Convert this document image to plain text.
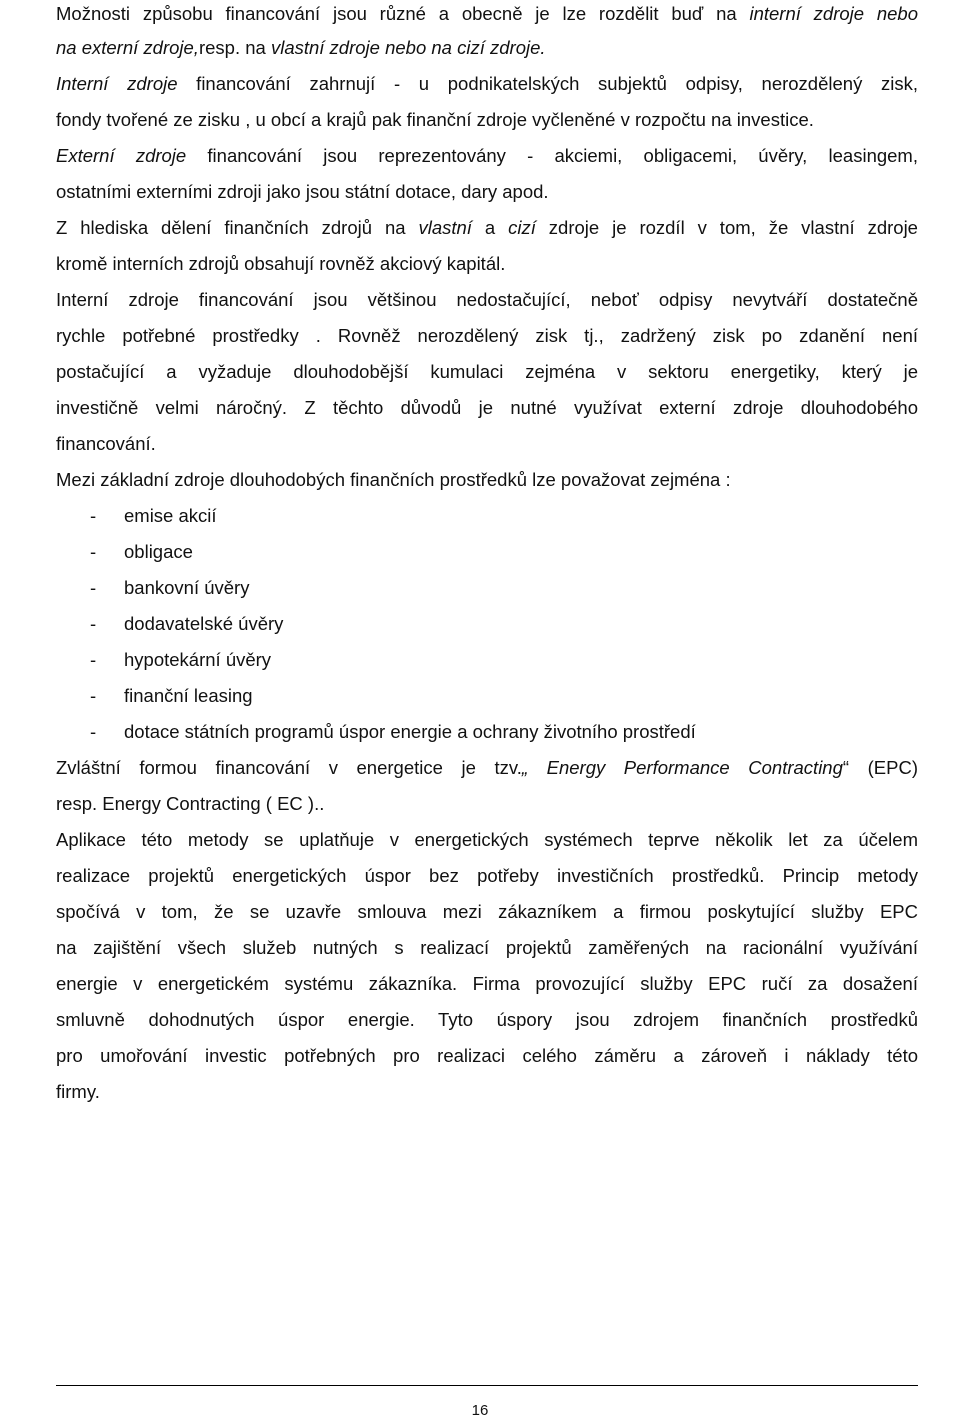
Možnosti způsobu financování jsou různé a obecně je lze rozdělit buď na interní zdroje nebo
na externí zdroje,resp. na vlastní zdroje nebo na cizí zdroje.
Interní zdroje financování zahrnují - u podnikatelských subjektů odpisy, nerozdělený zisk,
fondy tvořené ze zisku , u obcí a krajů pak finanční zdroje vyčleněné v rozpočtu na investice.
Externí zdroje financování jsou reprezentovány - akciemi, obligacemi, úvěry, leasingem,
ostatními externími zdroji jako jsou státní dotace, dary apod.
Z hlediska dělení finančních zdrojů na vlastní a cizí zdroje je rozdíl v tom, že vlastní zdroje
kromě interních zdrojů obsahují rovněž akciový kapitál.
Interní zdroje financování jsou většinou nedostačující, neboť odpisy nevytváří dostatečně
rychle potřebné prostředky . Rovněž nerozdělený zisk tj., zadržený zisk po zdanění není
postačující a vyžaduje dlouhodobější kumulaci zejména v sektoru energetiky, který je
investičně velmi náročný. Z těchto důvodů je nutné využívat externí zdroje dlouhodobého
financování.
Mezi základní zdroje dlouhodobých finančních prostředků lze považovat zejména :
- emise akcií
- obligace
- bankovní úvěry
- dodavatelské úvěry
- hypotekární úvěry
- finanční leasing
- dotace státních programů úspor energie a ochrany životního prostředí
Zvláštní formou financování v energetice je tzv.„ Energy Performance Contracting“ (EPC)
resp. Energy Contracting ( EC )..
Aplikace této metody se uplatňuje v energetických systémech teprve několik let za účelem
realizace projektů energetických úspor bez potřeby investičních prostředků. Princip metody
spočívá v tom, že se uzavře smlouva mezi zákazníkem a firmou poskytující služby EPC
na zajištění všech služeb nutných s realizací projektů zaměřených na racionální využívání
energie v energetickém systému zákazníka. Firma provozující služby EPC ručí za dosažení
smluvně dohodnutých úspor energie. Tyto úspory jsou zdrojem finančních prostředků
pro umořování investic potřebných pro realizaci celého záměru a zároveň i náklady této
firmy.
16
